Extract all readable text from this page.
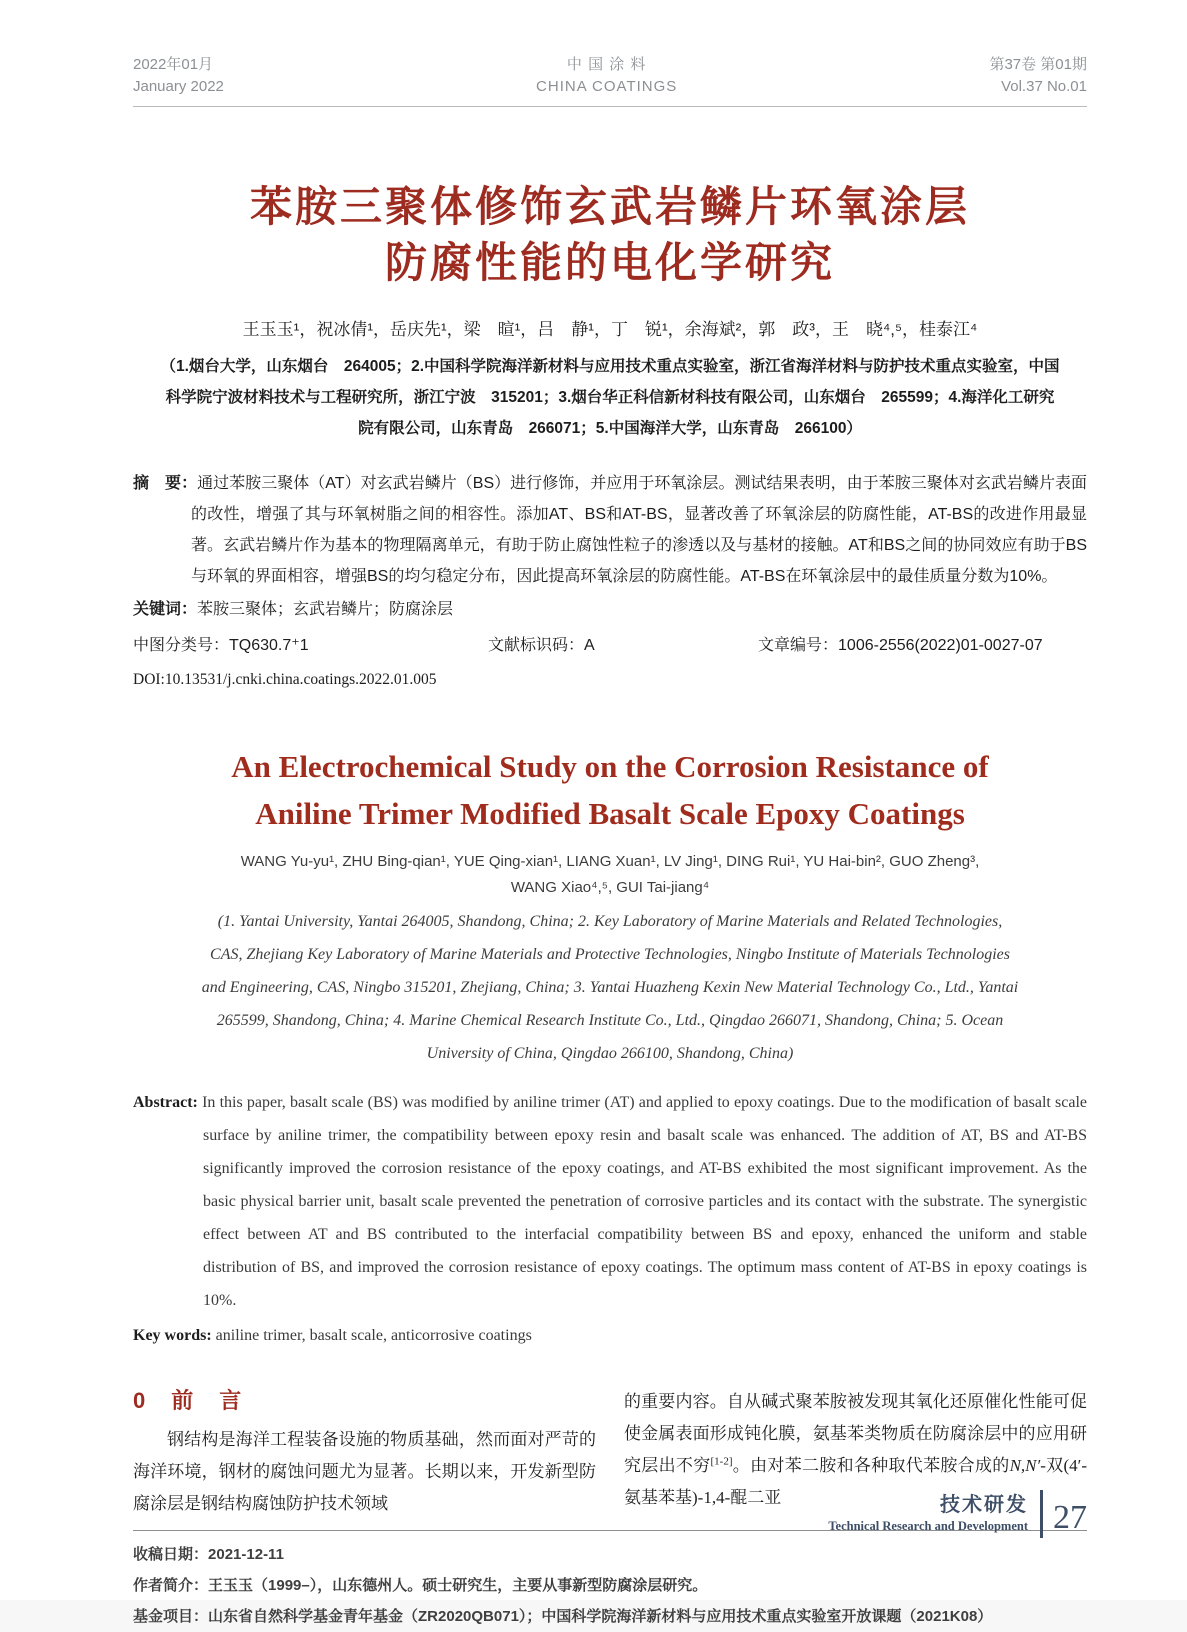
2022年01月
January 2022
中 国 涂 料
CHINA COATINGS
第37卷 第01期
Vol.37 No.01
苯胺三聚体修饰玄武岩鳞片环氧涂层
防腐性能的电化学研究
王玉玉¹，祝冰倩¹，岳庆先¹，梁　暄¹，吕　静¹，丁　锐¹，余海斌²，郭　政³，王　晓⁴,⁵，桂泰江⁴
（1.烟台大学，山东烟台　264005；2.中国科学院海洋新材料与应用技术重点实验室，浙江省海洋材料与防护技术重点实验室，中国
科学院宁波材料技术与工程研究所，浙江宁波　315201；3.烟台华正科信新材科技有限公司，山东烟台　265599；4.海洋化工研究
院有限公司，山东青岛　266071；5.中国海洋大学，山东青岛　266100）
摘　要：通过苯胺三聚体（AT）对玄武岩鳞片（BS）进行修饰，并应用于环氧涂层。测试结果表明，由于苯胺三聚体对玄武岩鳞片表面的改性，增强了其与环氧树脂之间的相容性。添加AT、BS和AT-BS，显著改善了环氧涂层的防腐性能，AT-BS的改进作用最显著。玄武岩鳞片作为基本的物理隔离单元，有助于防止腐蚀性粒子的渗透以及与基材的接触。AT和BS之间的协同效应有助于BS与环氧的界面相容，增强BS的均匀稳定分布，因此提高环氧涂层的防腐性能。AT-BS在环氧涂层中的最佳质量分数为10%。
关键词：苯胺三聚体；玄武岩鳞片；防腐涂层
中图分类号：TQ630.7⁺1	文献标识码：A	文章编号：1006-2556(2022)01-0027-07
DOI:10.13531/j.cnki.china.coatings.2022.01.005
An Electrochemical Study on the Corrosion Resistance of
Aniline Trimer Modified Basalt Scale Epoxy Coatings
WANG Yu-yu¹, ZHU Bing-qian¹, YUE Qing-xian¹, LIANG Xuan¹, LV Jing¹, DING Rui¹, YU Hai-bin², GUO Zheng³,
WANG Xiao⁴,⁵, GUI Tai-jiang⁴
(1. Yantai University, Yantai 264005, Shandong, China; 2. Key Laboratory of Marine Materials and Related Technologies,
CAS, Zhejiang Key Laboratory of Marine Materials and Protective Technologies, Ningbo Institute of Materials Technologies
and Engineering, CAS, Ningbo 315201, Zhejiang, China; 3. Yantai Huazheng Kexin New Material Technology Co., Ltd., Yantai
265599, Shandong, China; 4. Marine Chemical Research Institute Co., Ltd., Qingdao 266071, Shandong, China; 5. Ocean
University of China, Qingdao 266100, Shandong, China)
Abstract: In this paper, basalt scale (BS) was modified by aniline trimer (AT) and applied to epoxy coatings. Due to the modification of basalt scale surface by aniline trimer, the compatibility between epoxy resin and basalt scale was enhanced. The addition of AT, BS and AT-BS significantly improved the corrosion resistance of the epoxy coatings, and AT-BS exhibited the most significant improvement. As the basic physical barrier unit, basalt scale prevented the penetration of corrosive particles and its contact with the substrate. The synergistic effect between AT and BS contributed to the interfacial compatibility between BS and epoxy, enhanced the uniform and stable distribution of BS, and improved the corrosion resistance of epoxy coatings. The optimum mass content of AT-BS in epoxy coatings is 10%.
Key words: aniline trimer, basalt scale, anticorrosive coatings
0　前　言
钢结构是海洋工程装备设施的物质基础，然而面对严苛的海洋环境，钢材的腐蚀问题尤为显著。长期以来，开发新型防腐涂层是钢结构腐蚀防护技术领域
的重要内容。自从碱式聚苯胺被发现其氧化还原催化性能可促使金属表面形成钝化膜，氨基苯类物质在防腐涂层中的应用研究层出不穷[1-2]。由对苯二胺和各种取代苯胺合成的N,N′-双(4′-氨基苯基)-1,4-醌二亚
收稿日期：2021-12-11
作者简介：王玉玉（1999–），山东德州人。硕士研究生，主要从事新型防腐涂层研究。
基金项目：山东省自然科学基金青年基金（ZR2020QB071）；中国科学院海洋新材料与应用技术重点实验室开放课题（2021K08）
技术研发
Technical Research and Development 27
